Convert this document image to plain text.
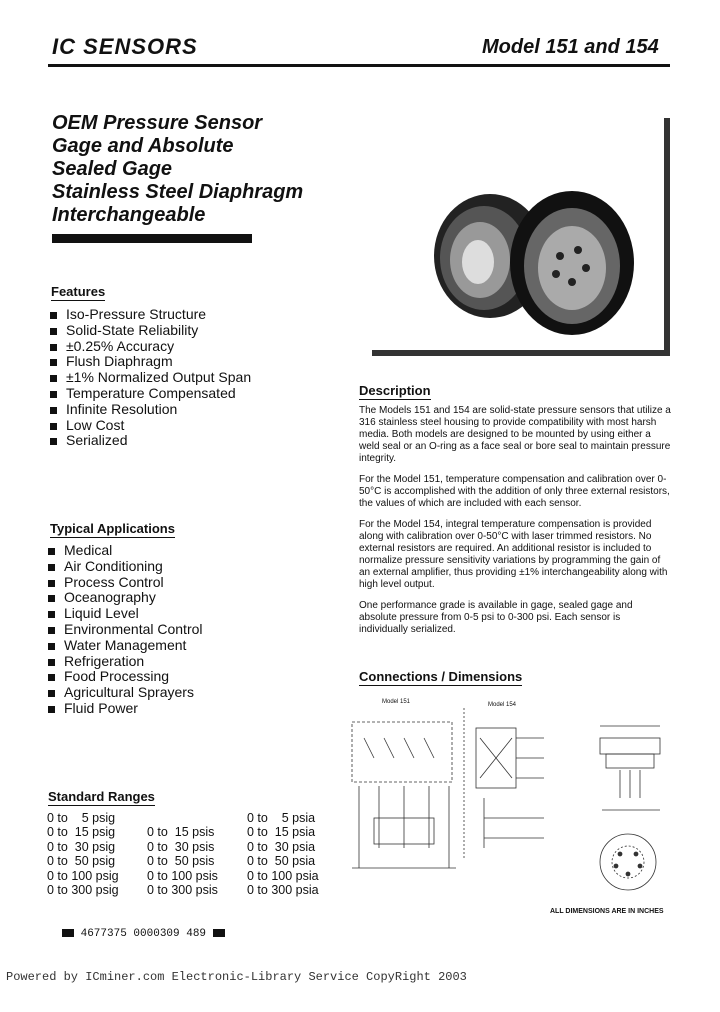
IC SENSORS	Model 151 and 154
OEM Pressure Sensor
Gage and Absolute
Sealed Gage
Stainless Steel Diaphragm
Interchangeable
Features
Iso-Pressure Structure
Solid-State Reliability
±0.25% Accuracy
Flush Diaphragm
±1% Normalized Output Span
Temperature Compensated
Infinite Resolution
Low Cost
Serialized
Typical Applications
Medical
Air Conditioning
Process Control
Oceanography
Liquid Level
Environmental Control
Water Management
Refrigeration
Food Processing
Agricultural Sprayers
Fluid Power
Standard Ranges
0 to    5 psig
0 to  15 psig
0 to  30 psig
0 to  50 psig
0 to 100 psig
0 to 300 psig
0 to  15 psis
0 to  30 psis
0 to  50 psis
0 to 100 psis
0 to 300 psis
0 to    5 psia
0 to  15 psia
0 to  30 psia
0 to  50 psia
0 to 100 psia
0 to 300 psia
Description

The Models 151 and 154 are solid-state pressure sensors that utilize a 316 stainless steel housing to provide compatibility with most harsh media. Both models are designed to be mounted by using either a weld seal or an O-ring as a face seal or bore seal to maintain pressure integrity.

For the Model 151, temperature compensation and calibration over 0-50°C is accomplished with the addition of only three external resistors, the values of which are included with each sensor.

For the Model 154, integral temperature compensation is provided along with calibration over 0-50°C with laser trimmed resistors. No external resistors are required. An additional resistor is included to normalize pressure sensitivity variations by programming the gain of an external amplifier, thus providing ±1% interchangeability along with high level output.

One performance grade is available in gage, sealed gage and absolute pressure from 0-5 psi to 0-300 psi. Each sensor is individually serialized.

Connections / Dimensions
Model 151	Model 154
ALL DIMENSIONS ARE IN INCHES
4677375 0000309 489
Powered by ICminer.com Electronic-Library Service CopyRight 2003
